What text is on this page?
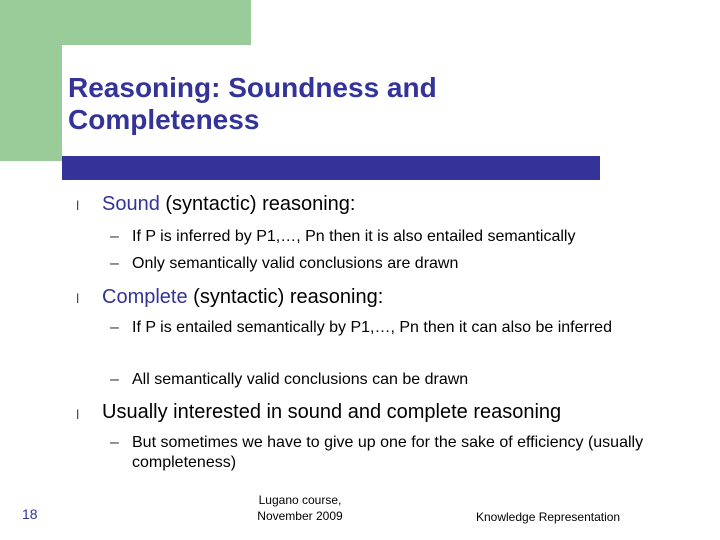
Reasoning: Soundness and
Completeness
l Sound (syntactic) reasoning:
– If P is inferred by P1,…, Pn then it is also entailed semantically
– Only semantically valid conclusions are drawn
l Complete (syntactic) reasoning:
– If P is entailed semantically by P1,…, Pn then it can also be inferred
– All semantically valid conclusions can be drawn
l Usually interested in sound and complete reasoning
– But sometimes we have to give up one for the sake of efficiency (usually completeness)
18
Lugano course,
November 2009	Knowledge Representation
